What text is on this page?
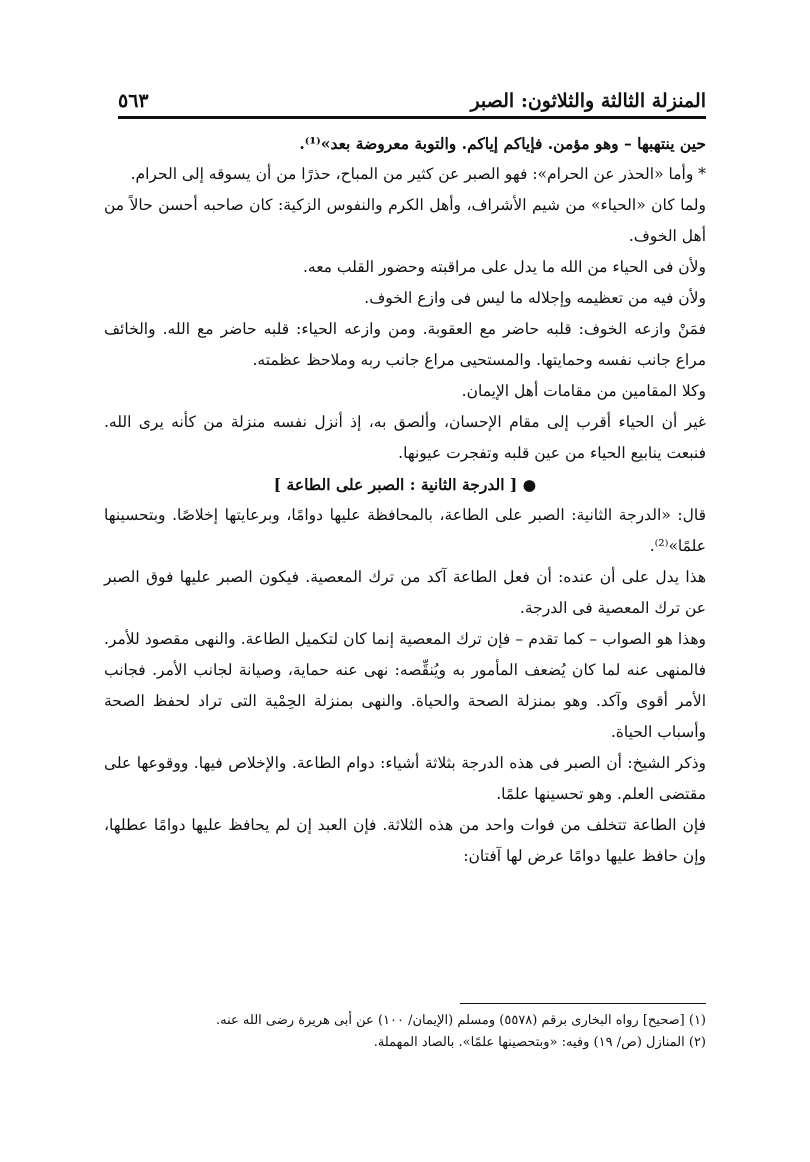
المنزلة الثالثة والثلاثون: الصبر
٥٦٣

حين ينتهبها – وهو مؤمن. فإياكم إياكم. والتوبة معروضة بعد»⁽¹⁾.

* وأما «الحذر عن الحرام»: فهو الصبر عن كثير من المباح، حذرًا من أن يسوقه إلى الحرام.

ولما كان «الحياء» من شيم الأشراف، وأهل الكرم والنفوس الزكية: كان صاحبه أحسن حالاً من أهل الخوف.

ولأن فى الحياء من الله ما يدل على مراقبته وحضور القلب معه.

ولأن فيه من تعظيمه وإجلاله ما ليس فى وازع الخوف.

فمَنْ وازعه الخوف: قلبه حاضر مع العقوبة. ومن وازعه الحياء: قلبه حاضر مع الله. والخائف مراع جانب نفسه وحمايتها. والمستحيى مراع جانب ربه وملاحظ عظمته.

وكلا المقامين من مقامات أهل الإيمان.

غير أن الحياء أقرب إلى مقام الإحسان، وألصق به، إذ أنزل نفسه منزلة من كأنه يرى الله. فنبعت ينابيع الحياء من عين قلبه وتفجرت عيونها.

● [ الدرجة الثانية : الصبر على الطاعة ]

قال: «الدرجة الثانية: الصبر على الطاعة، بالمحافظة عليها دوامًا، وبرعايتها إخلاصًا. وبتحسينها علمًا»⁽²⁾.

هذا يدل على أن عنده: أن فعل الطاعة آكد من ترك المعصية. فيكون الصبر عليها فوق الصبر عن ترك المعصية فى الدرجة.

وهذا هو الصواب – كما تقدم – فإن ترك المعصية إنما كان لتكميل الطاعة. والنهى مقصود للأمر. فالمنهى عنه لما كان يُضعف المأمور به ويُنقِّصه: نهى عنه حماية، وصيانة لجانب الأمر. فجانب الأمر أقوى وآكد. وهو بمنزلة الصحة والحياة. والنهى بمنزلة الحِمْية التى تراد لحفظ الصحة وأسباب الحياة.

وذكر الشيخ: أن الصبر فى هذه الدرجة بثلاثة أشياء: دوام الطاعة. والإخلاص فيها. ووقوعها على مقتضى العلم. وهو تحسينها علمًا.

فإن الطاعة تتخلف من فوات واحد من هذه الثلاثة. فإن العبد إن لم يحافظ عليها دوامًا عطلها، وإن حافظ عليها دوامًا عرض لها آفتان:

(١) [صحيح] رواه البخارى برقم (٥٥٧٨) ومسلم (الإيمان/ ١٠٠) عن أبى هريرة رضى الله عنه.

(٢) المنازل (ص/ ١٩) وفيه: «وبتحصينها علمًا». بالصاد المهملة.
